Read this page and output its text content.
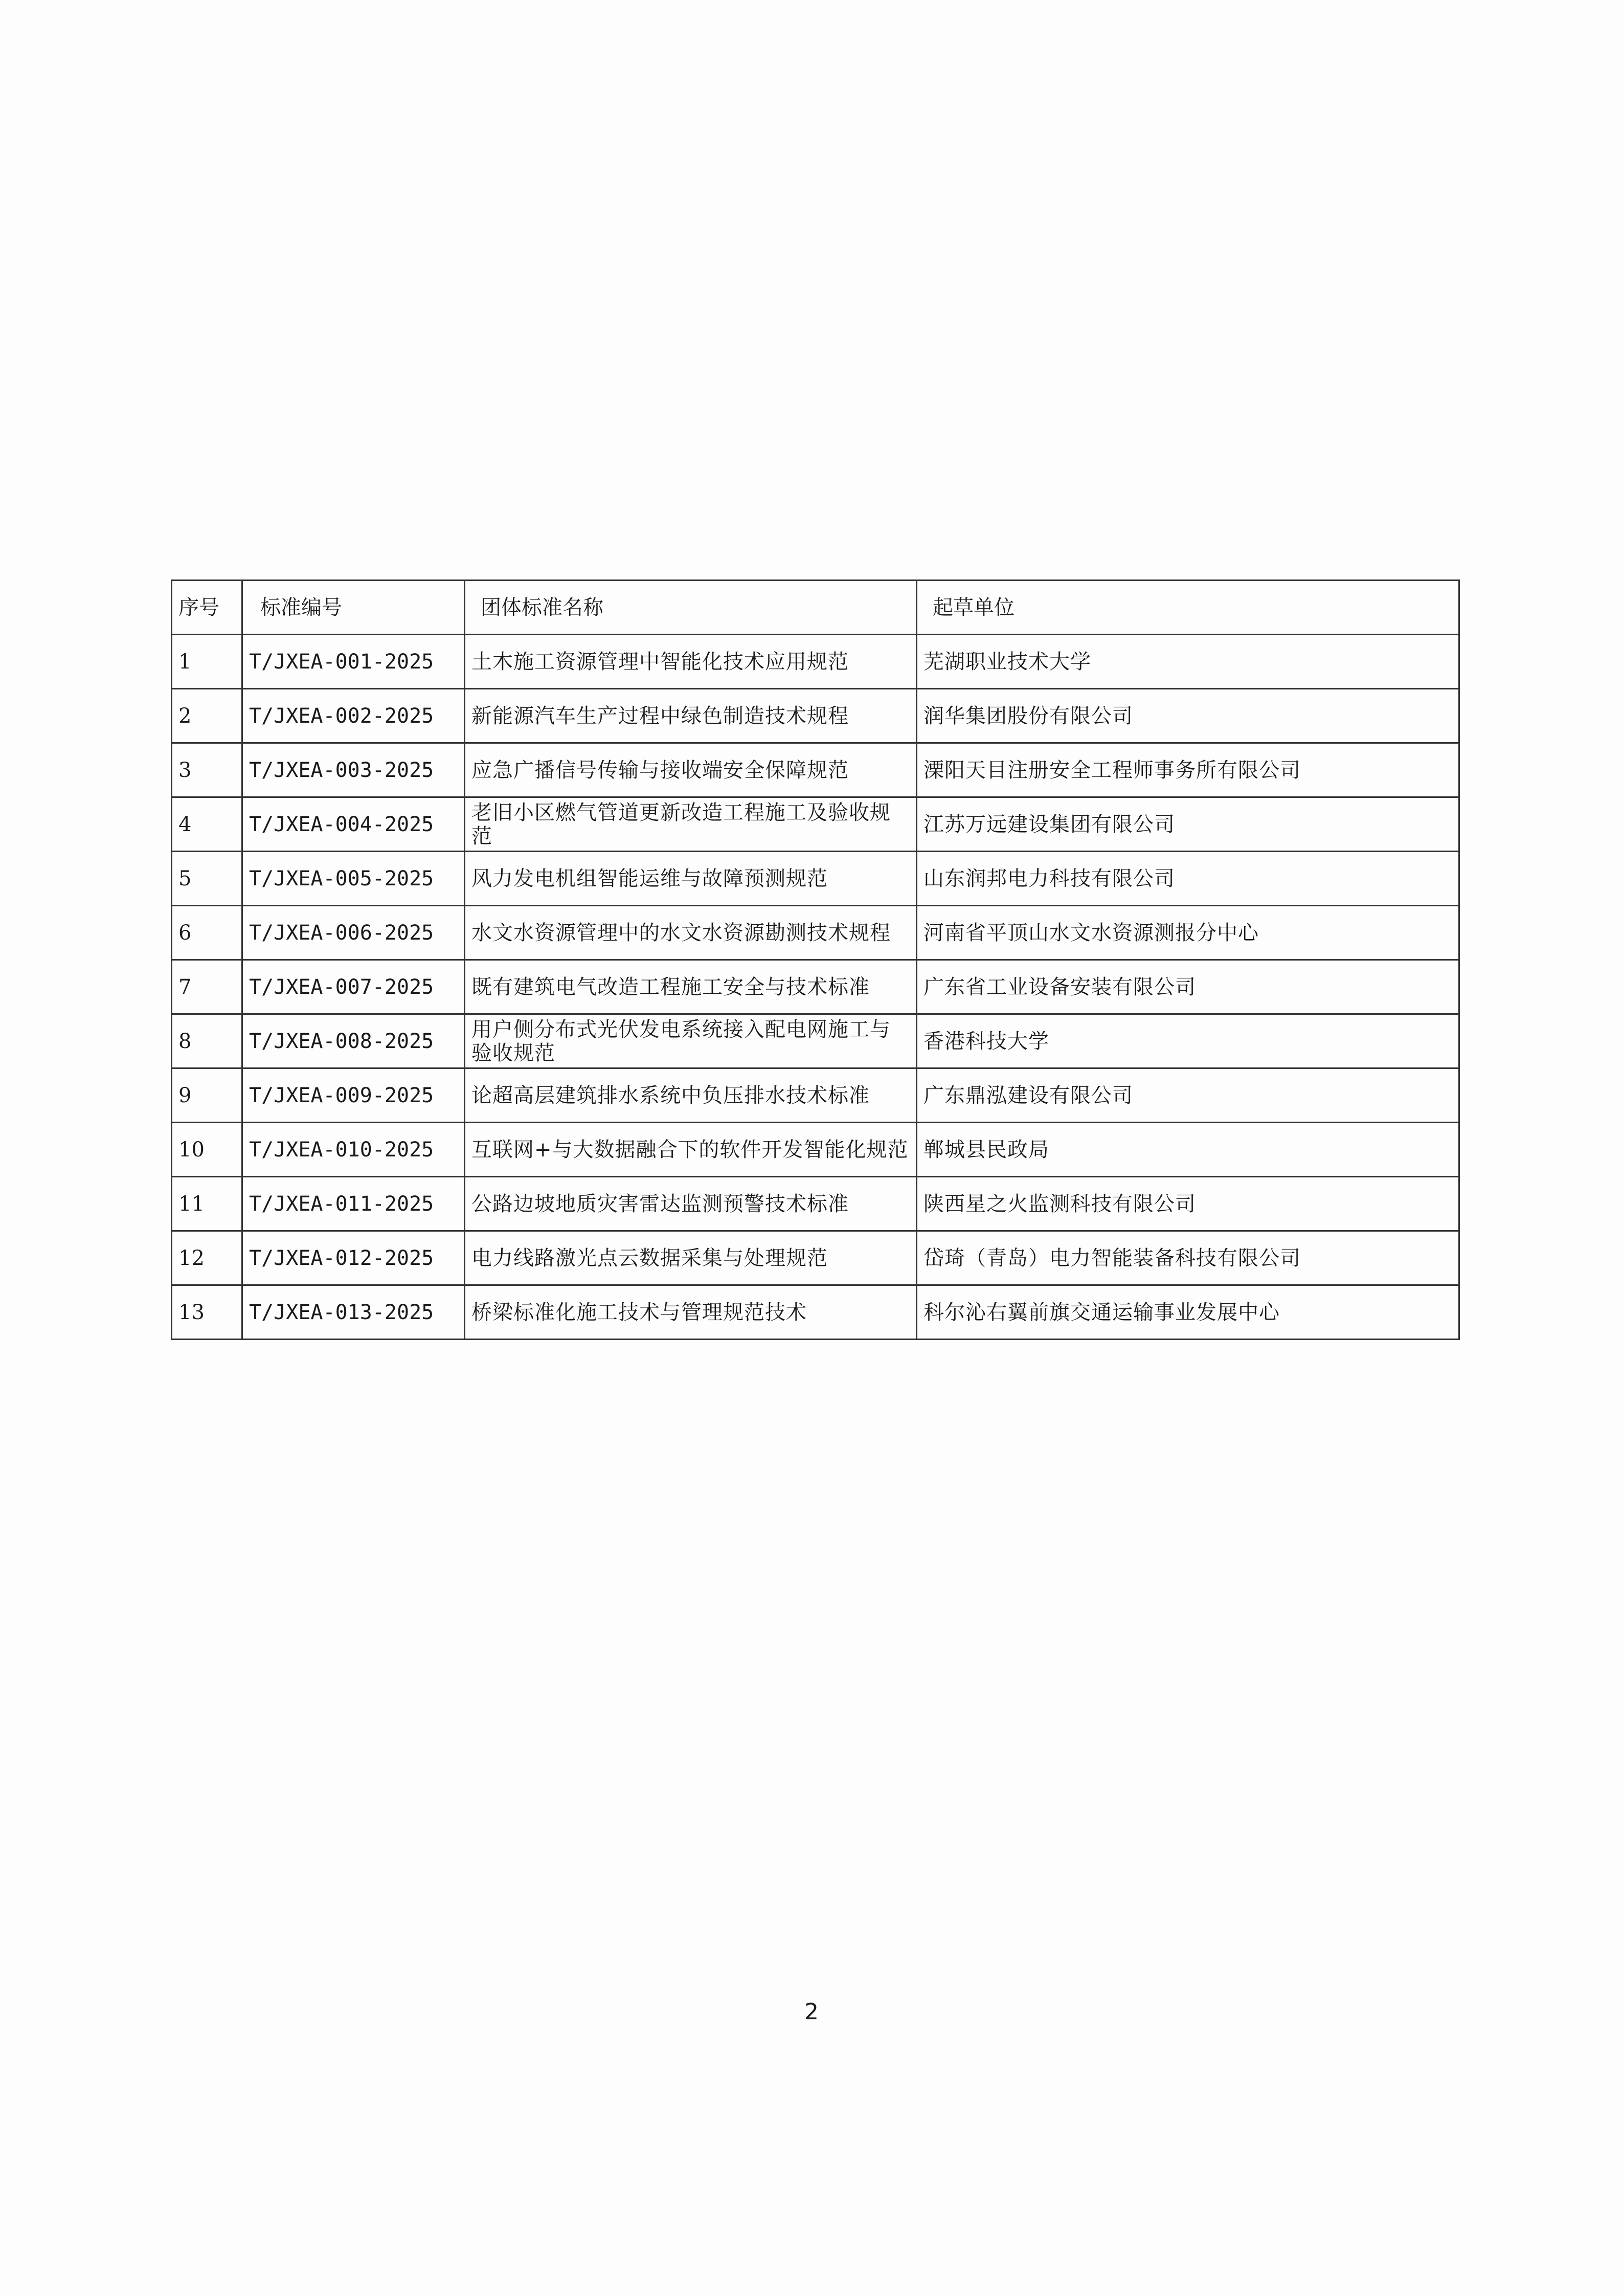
序号	标准编号	团体标准名称	起草单位
1	T/JXEA-001-2025	土木施工资源管理中智能化技术应用规范	芜湖职业技术大学
2	T/JXEA-002-2025	新能源汽车生产过程中绿色制造技术规程	润华集团股份有限公司
3	T/JXEA-003-2025	应急广播信号传输与接收端安全保障规范	溧阳天目注册安全工程师事务所有限公司
4	T/JXEA-004-2025	老旧小区燃气管道更新改造工程施工及验收规范	江苏万远建设集团有限公司
5	T/JXEA-005-2025	风力发电机组智能运维与故障预测规范	山东润邦电力科技有限公司
6	T/JXEA-006-2025	水文水资源管理中的水文水资源勘测技术规程	河南省平顶山水文水资源测报分中心
7	T/JXEA-007-2025	既有建筑电气改造工程施工安全与技术标准	广东省工业设备安装有限公司
8	T/JXEA-008-2025	用户侧分布式光伏发电系统接入配电网施工与验收规范	香港科技大学
9	T/JXEA-009-2025	论超高层建筑排水系统中负压排水技术标准	广东鼎泓建设有限公司
10	T/JXEA-010-2025	互联网+与大数据融合下的软件开发智能化规范	郸城县民政局
11	T/JXEA-011-2025	公路边坡地质灾害雷达监测预警技术标准	陕西星之火监测科技有限公司
12	T/JXEA-012-2025	电力线路激光点云数据采集与处理规范	岱琦（青岛）电力智能装备科技有限公司
13	T/JXEA-013-2025	桥梁标准化施工技术与管理规范技术	科尔沁右翼前旗交通运输事业发展中心
2
